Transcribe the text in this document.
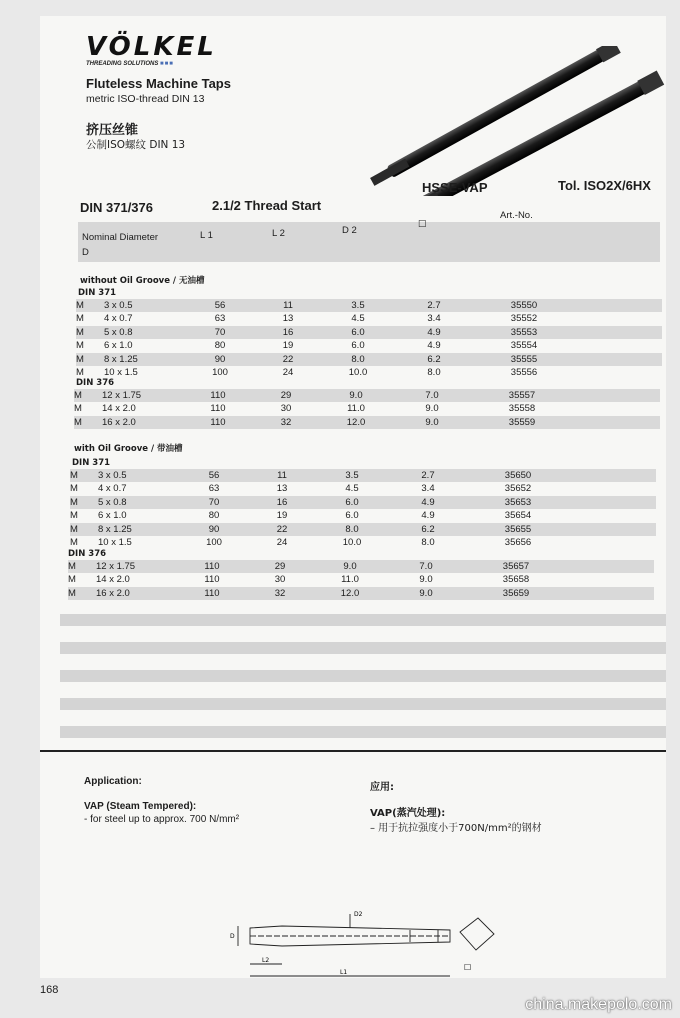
VÖLKEL
THREADING SOLUTIONS ■■■
Fluteless Machine Taps
metric ISO-thread DIN 13
挤压丝锥
公制ISO螺纹 DIN 13
DIN 371/376	2.1/2 Thread Start
HSSE-VAP	Tol. ISO2X/6HX
Nominal Diameter
D
L 1	L 2	D 2
☐
Art.-No.
without Oil Groove / 无油槽
DIN 371
M 3 x 0.5	56	11	3.5	2.7	35550
M 4 x 0.7	63	13	4.5	3.4	35552
M 5 x 0.8	70	16	6.0	4.9	35553
M 6 x 1.0	80	19	6.0	4.9	35554
M 8 x 1.25	90	22	8.0	6.2	35555
M 10 x 1.5	100	24	10.0	8.0	35556
DIN 376
M 12 x 1.75	110	29	9.0	7.0	35557
M 14 x 2.0	110	30	11.0	9.0	35558
M 16 x 2.0	110	32	12.0	9.0	35559
with Oil Groove / 带油槽
DIN 371
M 3 x 0.5	56	11	3.5	2.7	35650
M 4 x 0.7	63	13	4.5	3.4	35652
M 5 x 0.8	70	16	6.0	4.9	35653
M 6 x 1.0	80	19	6.0	4.9	35654
M 8 x 1.25	90	22	8.0	6.2	35655
M 10 x 1.5	100	24	10.0	8.0	35656
DIN 376
M 12 x 1.75	110	29	9.0	7.0	35657
M 14 x 2.0	110	30	11.0	9.0	35658
M 16 x 2.0	110	32	12.0	9.0	35659
Application:
VAP (Steam Tempered):
- for steel up to approx. 700 N/mm²
应用:
VAP(蒸汽处理):
– 用于抗拉强度小于700N/mm²的钢材
D
D2
L2
L1
☐
168
china.makepolo.com
